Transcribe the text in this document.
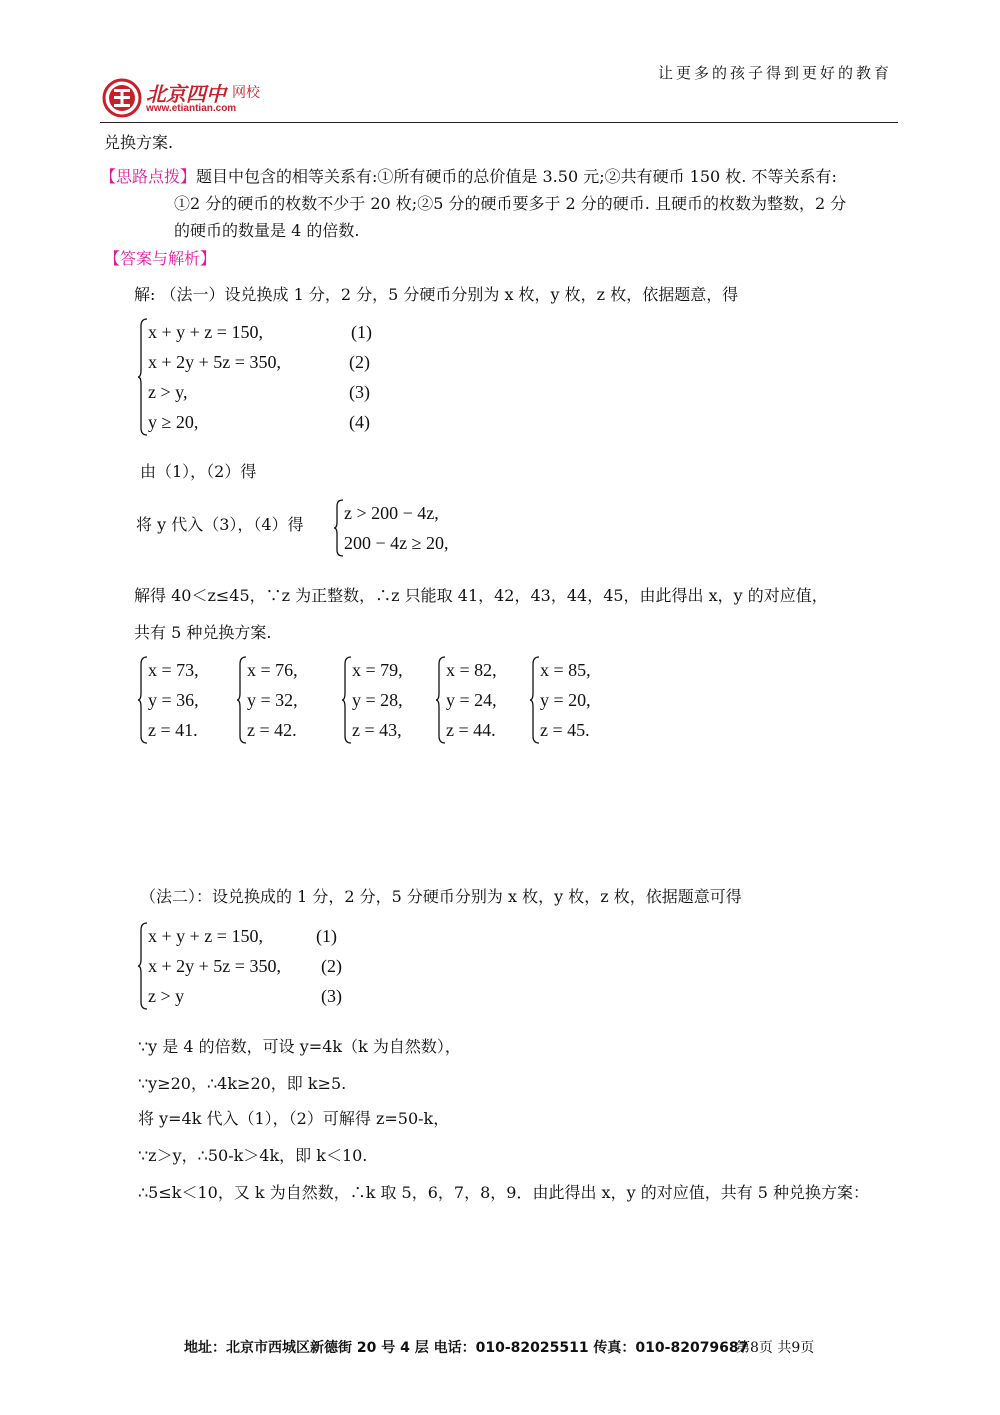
让更多的孩子得到更好的教育
北京四中 网校
www.etiantian.com
兑换方案.
【思路点拨】题目中包含的相等关系有:①所有硬币的总价值是 3.50 元;②共有硬币 150 枚. 不等关系有:
①2 分的硬币的枚数不少于 20 枚;②5 分的硬币要多于 2 分的硬币. 且硬币的枚数为整数，2 分
的硬币的数量是 4 的倍数.
【答案与解析】
解: （法一）设兑换成 1 分，2 分，5 分硬币分别为 x 枚，y 枚，z 枚，依据题意，得
x + y + z = 150,	(1)
x + 2y + 5z = 350,	(2)
z > y,	(3)
y ≥ 20,	(4)
由（1），（2）得
将 y 代入（3），（4）得
z > 200 − 4z,
200 − 4z ≥ 20,
解得 40＜z≤45，∵z 为正整数，∴z 只能取 41，42，43，44，45，由此得出 x，y 的对应值，
共有 5 种兑换方案.
x = 73,
y = 36,
z = 41.
x = 76,
y = 32,
z = 42.
x = 79,
y = 28,
z = 43,
x = 82,
y = 24,
z = 44.
x = 85,
y = 20,
z = 45.
（法二）：设兑换成的 1 分，2 分，5 分硬币分别为 x 枚，y 枚，z 枚，依据题意可得
x + y + z = 150,	(1)
x + 2y + 5z = 350, (2)
z > y	(3)
∵y 是 4 的倍数，可设 y=4k（k 为自然数），
∵y≥20，∴4k≥20，即 k≥5.
将 y=4k 代入（1），（2）可解得 z=50-k，
∵z＞y，∴50-k＞4k，即 k＜10.
∴5≤k＜10，又 k 为自然数，∴k 取 5，6，7，8，9．由此得出 x，y 的对应值，共有 5 种兑换方案：
地址：北京市西城区新德街 20 号 4 层 电话：010-82025511 传真：010-82079687
第8页 共9页
